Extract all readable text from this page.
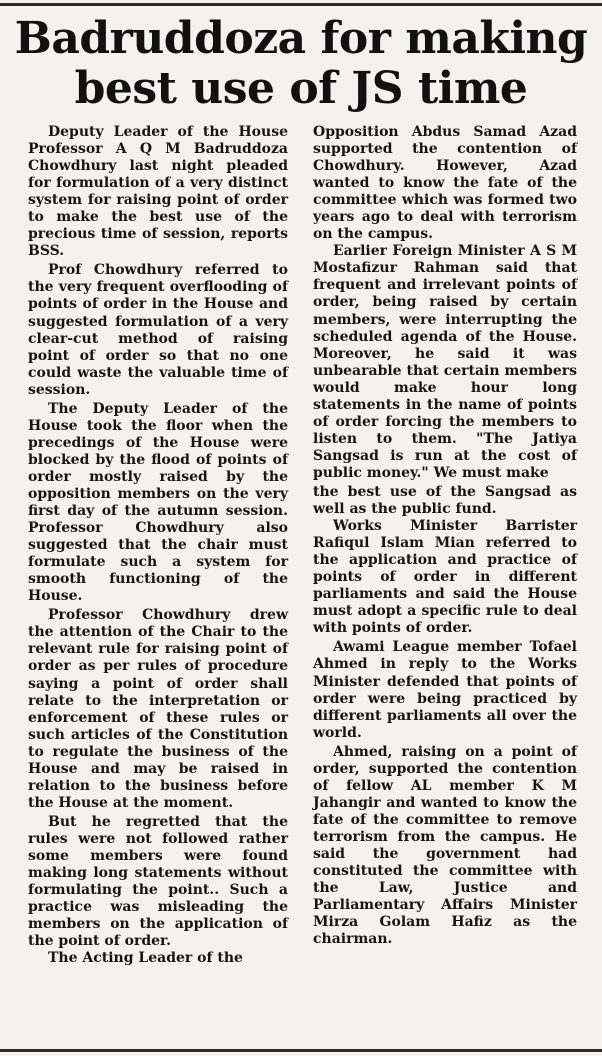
Badruddoza for making
best use of JS time

Deputy Leader of the House Professor A Q M Badruddoza Chowdhury last night pleaded for formulation of a very distinct system for raising point of order to make the best use of the precious time of session, reports BSS.

Prof Chowdhury referred to the very frequent overflooding of points of order in the House and suggested formulation of a very clear-cut method of raising point of order so that no one could waste the valuable time of session.

The Deputy Leader of the House took the floor when the precedings of the House were blocked by the flood of points of order mostly raised by the opposition members on the very first day of the autumn session. Professor Chowdhury also suggested that the chair must formulate such a system for smooth functioning of the House.

Professor Chowdhury drew the attention of the Chair to the relevant rule for raising point of order as per rules of procedure saying a point of order shall relate to the interpretation or enforcement of these rules or such articles of the Constitution to regulate the business of the House and may be raised in relation to the business before the House at the moment.

But he regretted that the rules were not followed rather some members were found making long statements without formulating the point.. Such a practice was misleading the members on the application of the point of order.

The Acting Leader of the

Opposition Abdus Samad Azad supported the contention of Chowdhury. However, Azad wanted to know the fate of the committee which was formed two years ago to deal with terrorism on the campus.

Earlier Foreign Minister A S M Mostafizur Rahman said that frequent and irrelevant points of order, being raised by certain members, were interrupting the scheduled agenda of the House. Moreover, he said it was unbearable that certain members would make hour long statements in the name of points of order forcing the members to listen to them. "The Jatiya Sangsad is run at the cost of public money." We must make

the best use of the Sangsad as well as the public fund.

Works Minister Barrister Rafiqul Islam Mian referred to the application and practice of points of order in different parliaments and said the House must adopt a specific rule to deal with points of order.

Awami League member Tofael Ahmed in reply to the Works Minister defended that points of order were being practiced by different parliaments all over the world.

Ahmed, raising on a point of order, supported the contention of fellow AL member K M Jahangir and wanted to know the fate of the committee to remove terrorism from the campus. He said the government had constituted the committee with the Law, Justice and Parliamentary Affairs Minister Mirza Golam Hafiz as the chairman.
